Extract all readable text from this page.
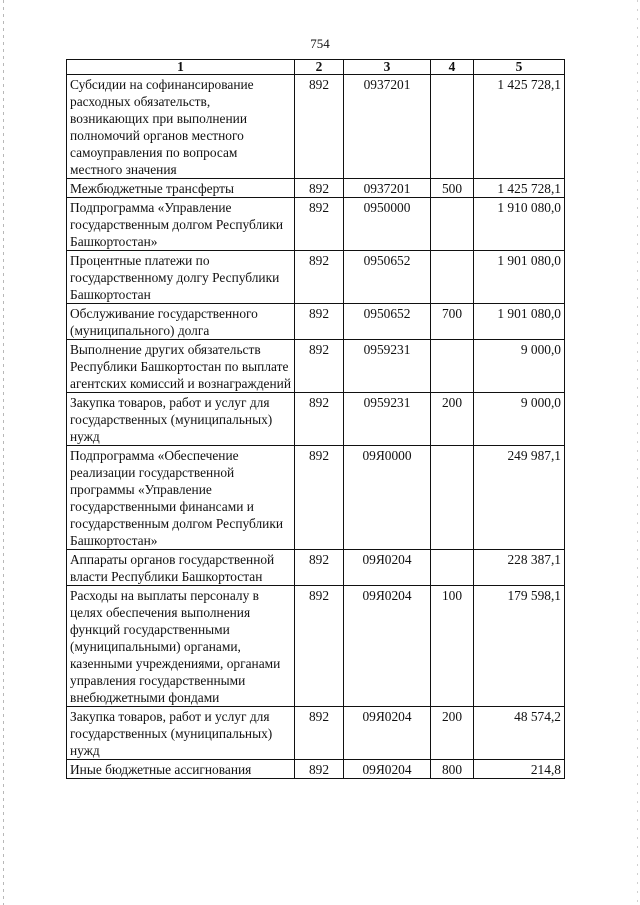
754
1	2	3	4	5
Субсидии на софинансирование расходных обязательств, возникающих при выполнении полномочий органов местного самоуправления по вопросам местного значения	892	0937201		1 425 728,1
Межбюджетные трансферты	892	0937201	500	1 425 728,1
Подпрограмма «Управление государственным долгом Республики Башкортостан»	892	0950000		1 910 080,0
Процентные платежи по государственному долгу Республики Башкортостан	892	0950652		1 901 080,0
Обслуживание государственного (муниципального) долга	892	0950652	700	1 901 080,0
Выполнение других обязательств Республики Башкортостан по выплате агентских комиссий и вознаграждений	892	0959231		9 000,0
Закупка товаров, работ и услуг для государственных (муниципальных) нужд	892	0959231	200	9 000,0
Подпрограмма «Обеспечение реализации государственной программы «Управление государственными финансами и государственным долгом Республики Башкортостан»	892	09Я0000		249 987,1
Аппараты органов государственной власти Республики Башкортостан	892	09Я0204		228 387,1
Расходы на выплаты персоналу в целях обеспечения выполнения функций государственными (муниципальными) органами, казенными учреждениями, органами управления государственными внебюджетными фондами	892	09Я0204	100	179 598,1
Закупка товаров, работ и услуг для государственных (муниципальных) нужд	892	09Я0204	200	48 574,2
Иные бюджетные ассигнования	892	09Я0204	800	214,8
